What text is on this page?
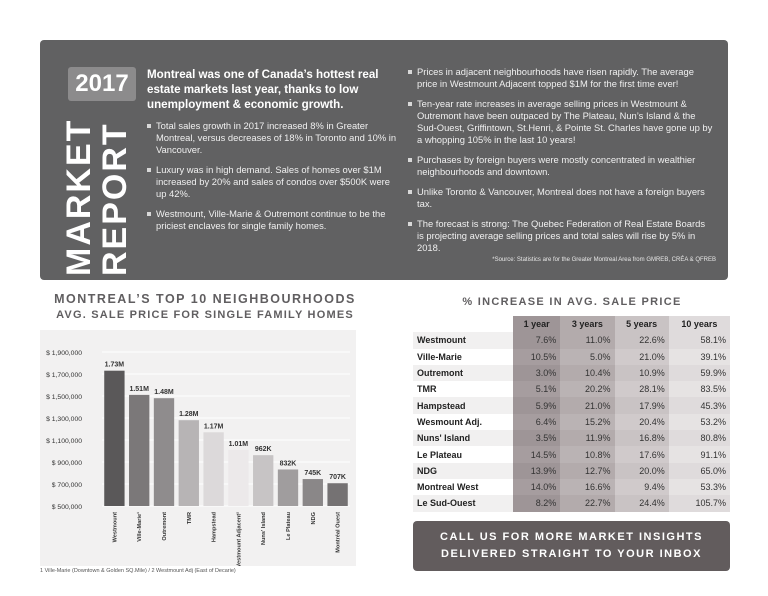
2017
MARKET
REPORT
Montreal was one of Canada’s hottest real estate markets last year, thanks to low unemployment & economic growth.
Total sales growth in 2017 increased 8% in Greater Montreal, versus decreases of 18% in Toronto and 10% in Vancouver.
Luxury was in high demand. Sales of homes over $1M increased by 20% and sales of condos over $500K were up 42%.
Westmount, Ville-Marie & Outremont continue to be the priciest enclaves for single family homes.
Prices in adjacent neighbourhoods have risen rapidly. The average price in Westmount Adjacent topped $1M for the first time ever!
Ten-year rate increases in average selling prices in Westmount & Outremont have been outpaced by The Plateau, Nun’s Island & the Sud-Ouest, Griffintown, St.Henri, & Pointe St. Charles have gone up by a whopping 105% in the last 10 years!
Purchases by foreign buyers were mostly concentrated in wealthier neighbourhoods and downtown.
Unlike Toronto & Vancouver, Montreal does not have a foreign buyers tax.
The forecast is strong: The Quebec Federation of Real Estate Boards is projecting average selling prices and total sales will rise by 5% in 2018.
*Source: Statistics are for the Greater Montreal Area from GMREB, CRÉA & QFREB
MONTREAL’S TOP 10 NEIGHBOURHOODS
AVG. SALE PRICE FOR SINGLE FAMILY HOMES
$ 500,000
$ 700,000
$ 900,000
$ 1,100,000
$ 1,300,000
$ 1,500,000
$ 1,700,000
$ 1,900,000
1.73M
Westmount
1.51M
Ville-Marie¹
1.48M
Outremont
1.28M
TMR
1.17M
Hampstead
1.01M
Westmount Adjacent²
962K
Nuns' Island
832K
Le Plateau
745K
NDG
707K
Montréal Ouest
1 Ville-Marie (Downtown & Golden SQ.Mile) / 2 Westmount Adj (East of Decarie)
% INCREASE IN AVG. SALE PRICE
	1 year	3 years	5 years	10 years
Westmount	7.6%	11.0%	22.6%	58.1%
Ville-Marie	10.5%	5.0%	21.0%	39.1%
Outremont	3.0%	10.4%	10.9%	59.9%
TMR	5.1%	20.2%	28.1%	83.5%
Hampstead	5.9%	21.0%	17.9%	45.3%
Wesmount Adj.	6.4%	15.2%	20.4%	53.2%
Nuns' Island	3.5%	11.9%	16.8%	80.8%
Le Plateau	14.5%	10.8%	17.6%	91.1%
NDG	13.9%	12.7%	20.0%	65.0%
Montreal West	14.0%	16.6%	9.4%	53.3%
Le Sud-Ouest	8.2%	22.7%	24.4%	105.7%
CALL US FOR MORE MARKET INSIGHTS
DELIVERED STRAIGHT TO YOUR INBOX
